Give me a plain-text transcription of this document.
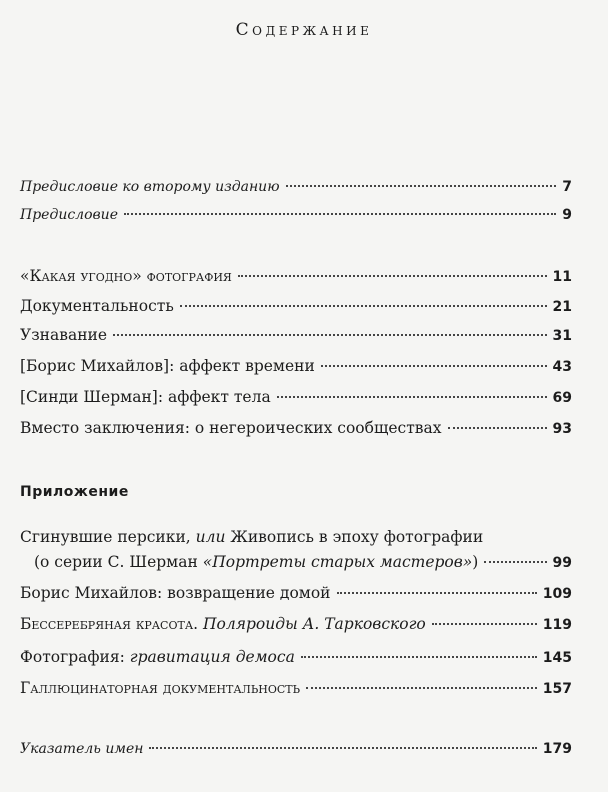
Содержание
Предисловие ко второму изданию	7
Предисловие	9
«Какая угодно» фотография	11
Документальность	21
Узнавание	31
[Борис Михайлов]: аффект времени	43
[Синди Шерман]: аффект тела	69
Вместо заключения: о негероических сообществах	93
Приложение
Сгинувшие персики, или Живопись в эпоху фотографии
(о серии С. Шерман «Портреты старых мастеров»)	99
Борис Михайлов: возвращение домой	109
Бессеребряная красота. Поляроиды А. Тарковского	119
Фотография: гравитация демоса	145
Галлюцинаторная документальность	157
Указатель имен	179
